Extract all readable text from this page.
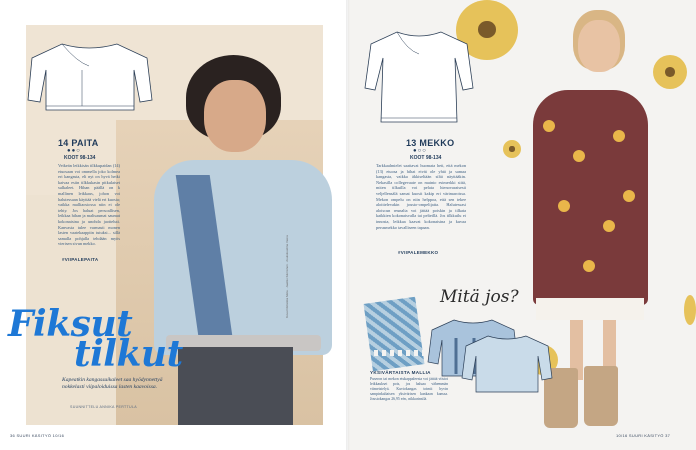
14 PAITA
●●○
KOOT 98-134
Veikeän leikkisän tilkkupaidan (14) etuosaan voi ommella joko kolmea eri kangasta, eli nyt on hyvä hetki kaivaa esiin tilkkukasin pitkulaiset sulkaleet. Hihan päällä on k mallinen leikkaus, johon voi halutessaan käyttää vielä eri kuosia; vaikka malliaosiossa niin ei ole tehty. Jos haluat persoallisen, leikkaa hihan ja malisaumat saumat kokonaisina ja unohda jaotteluti. Kanvasta tulee varmasti monen lasten vaatekaappiin tutuksi... sillä samalla pohjalla tehdään myös vierisen sivun mekko.
#VIIPALEPAITA
Fiksut
tilkut
Kapeatkin kangassuikaleet saa hyödynnettyä nokkelasti viipaloiduissa lasten kaavoissa.
SUUNNITTELU ANNIKA PERTTULA
Kuvat Rebekka Mela · Jaakko Kärnänen · Asukokoelma Veera
36 SUURI KÄSITYÖ 10/16
13 MEKKO
●○○
KOOT 98-134
Tarkkaalmielet saattavat huomata heti, että mekon (13) etuosa ja hihat eivät ole yhtä ja samaa kangasta, vaikka äkkiseltään siltä näyttääkin. Nekasilla collegevaate on mainio esimerkki siitä, miten tilkuilla voi pelata hienovaraisesti veljellensälä samat kuosit kakip eri värimaroissa. Mekon ompelu on niin helppoa, että sen tekee aloittelevakin jousto-ompelijatta. Halutessasi aloiscun reunalta voi jättää poiskin ja tilkata kaikkien kokonaisvalla tai pelteillä. Jos tilkkuilu ei innosta, leikkaa kaavat kokonaisina ja kuvaa perusmekko tavalliseen tapaan.
#VIIPALEMEKKO
Mitä jos?
YKSIVÄRTAISTA MALLIA
Puseron tai mekon etukappaleesta voi jättää viistot leikkaukset pois, jos haluaa vähemmän viimeistelyä. Kuviokangas toimii hyvin sampinkaltaisen yksivärisen kankaan kanssa. Joustokangas 26,95 e/m, nikkarinsilä.
10/16 SUURI KÄSITYÖ 37
